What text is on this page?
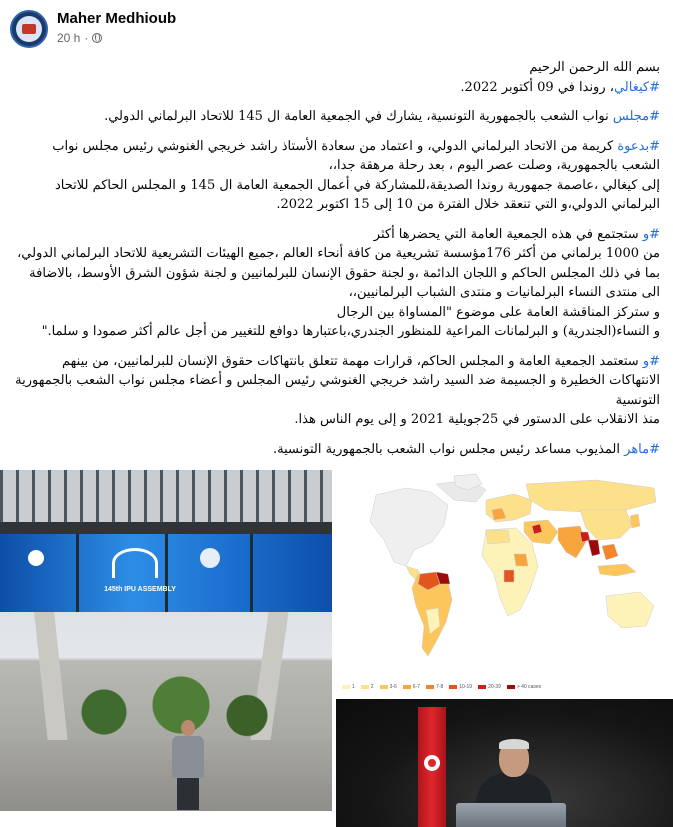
Maher Medhioub
20 h ·

بسم الله الرحمن الرحيم
#كيغالي، روندا في 09 أكتوبر 2022.

#مجلس نواب الشعب بالجمهورية التونسية، يشارك في الجمعية العامة ال 145 للاتحاد البرلماني الدولي.

#بدعوة كريمة من الاتحاد البرلماني الدولي، و اعتماد من سعادة الأستاذ راشد خريجي الغنوشي رئيس مجلس نواب الشعب بالجمهورية، وصلت عصر اليوم ، بعد رحلة مرهقة جدا،،
إلى كيغالي ،عاصمة جمهورية روندا الصديقة،للمشاركة في أعمال الجمعية العامة ال 145 و المجلس الحاكم للاتحاد البرلماني الدولي،و التي تنعقد خلال الفترة من 10 إلى 15 اكتوبر 2022.

#و ستجتمع في هذه الجمعية العامة التي يحضرها أكثر
من 1000 برلماني من أكثر 176مؤسسة تشريعية من كافة أنحاء العالم ،جميع الهيئات التشريعية للاتحاد البرلماني الدولي، بما في ذلك المجلس الحاكم و اللجان الدائمة ،و لجنة حقوق الإنسان للبرلمانيين و لجنة شؤون الشرق الأوسط، بالاضافة الى منتدى النساء البرلمانيات و منتدى الشباب البرلمانيين،،
و ستركز المناقشة العامة على موضوع "المساواة بين الرجال
و النساء(الجندرية) و البرلمانات المراعية للمنظور الجندري،باعتبارها دوافع للتغيير من أجل عالم أكثر صمودا و سلما."

#و ستعتمد الجمعية العامة و المجلس الحاكم، قرارات مهمة تتعلق بانتهاكات حقوق الإنسان للبرلمانيين، من بينهم الانتهاكات الخطيرة و الجسيمة ضد السيد راشد خريجي الغنوشي رئيس المجلس و أعضاء مجلس نواب الشعب بالجمهورية التونسية
منذ الانقلاب على الدستور في 25جويلية 2021 و إلى يوم الناس هذا.

#ماهر المذيوب مساعد رئيس مجلس نواب الشعب بالجمهورية التونسية.

145th IPU ASSEMBLY
1	2	3-6	6-7	7-8	10-19	20-39	> 40 cases
